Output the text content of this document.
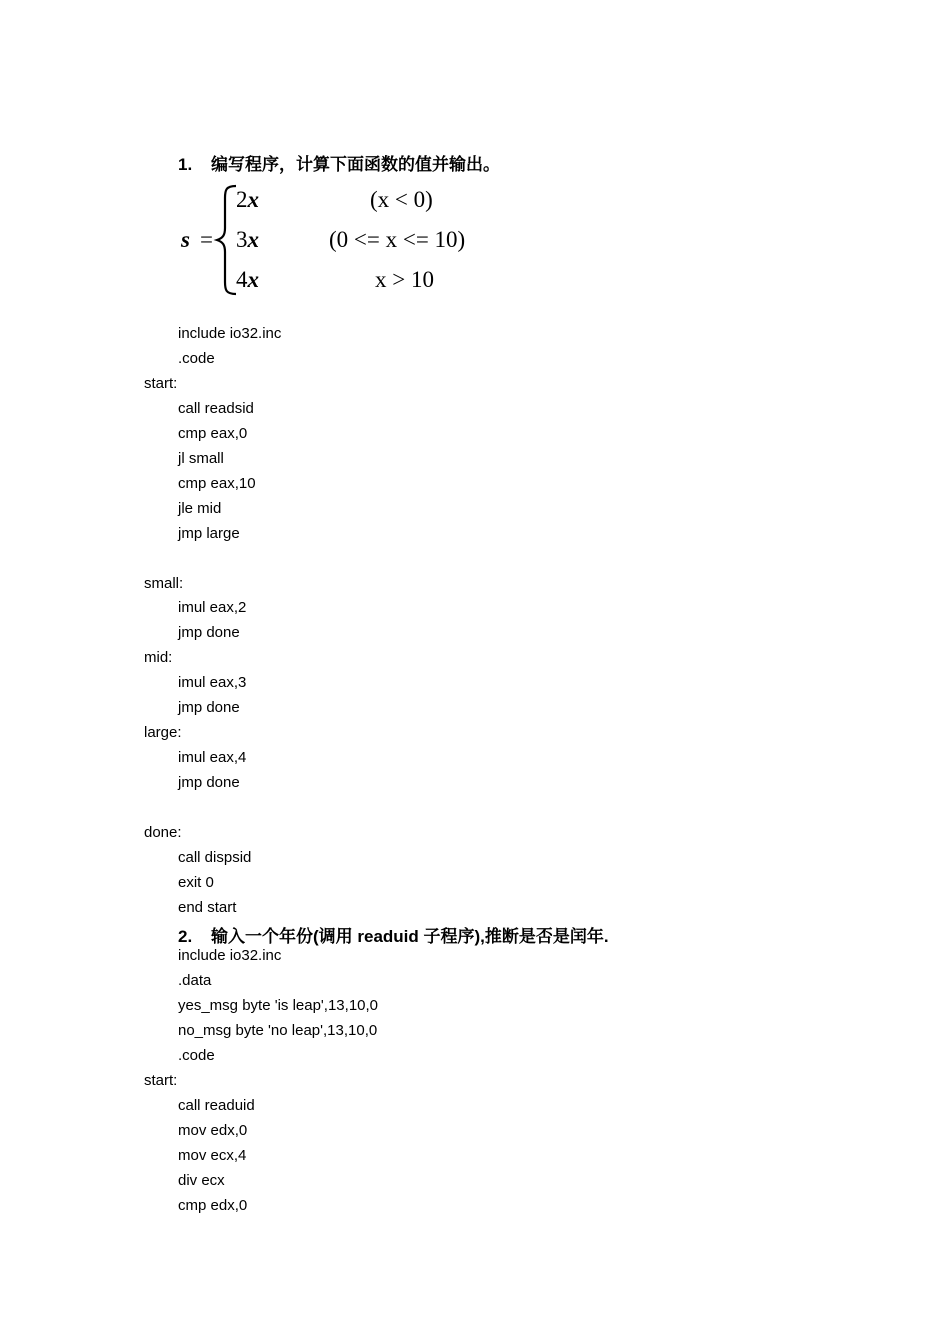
1. 编写程序，计算下面函数的值并输出。
s =
2x
3x
4x
(x < 0)
(0 <= x <= 10)
x > 10
include io32.inc
.code
start:
call readsid
cmp eax,0
jl small
cmp eax,10
jle mid
jmp large
small:
imul eax,2
jmp done
mid:
imul eax,3
jmp done
large:
imul eax,4
jmp done
done:
call dispsid
exit 0
end start
2. 输入一个年份(调用 readuid 子程序),推断是否是闰年.
include io32.inc
.data
yes_msg byte 'is leap',13,10,0
no_msg byte 'no leap',13,10,0
.code
start:
call readuid
mov edx,0
mov ecx,4
div ecx
cmp edx,0
